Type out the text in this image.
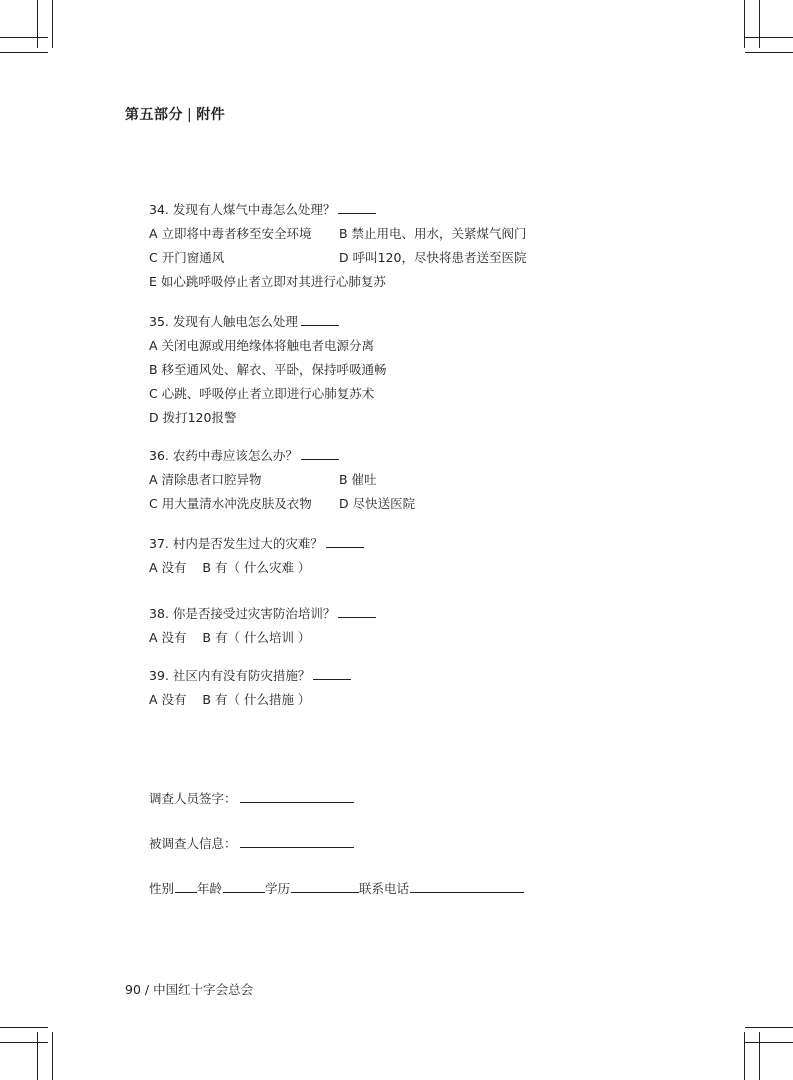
第五部分 | 附件
34. 发现有人煤气中毒怎么处理？
A 立即将中毒者移至安全环境 B 禁止用电、用水，关紧煤气阀门
C 开门窗通风	D 呼叫120，尽快将患者送至医院
E 如心跳呼吸停止者立即对其进行心肺复苏
35. 发现有人触电怎么处理
A 关闭电源或用绝缘体将触电者电源分离
B 移至通风处、解衣、平卧，保持呼吸通畅
C 心跳、呼吸停止者立即进行心肺复苏术
D 拨打120报警
36. 农药中毒应该怎么办？
A 清除患者口腔异物	B 催吐
C 用大量清水冲洗皮肤及衣物 D 尽快送医院
37. 村内是否发生过大的灾难？
A 没有    B 有（ 什么灾难 ）
38. 你是否接受过灾害防治培训？
A 没有    B 有（ 什么培训 ）
39. 社区内有没有防灾措施？
A 没有    B 有（ 什么措施 ）
调查人员签字：
被调查人信息：
性别 年龄	学历	联系电话
90 / 中国红十字会总会
